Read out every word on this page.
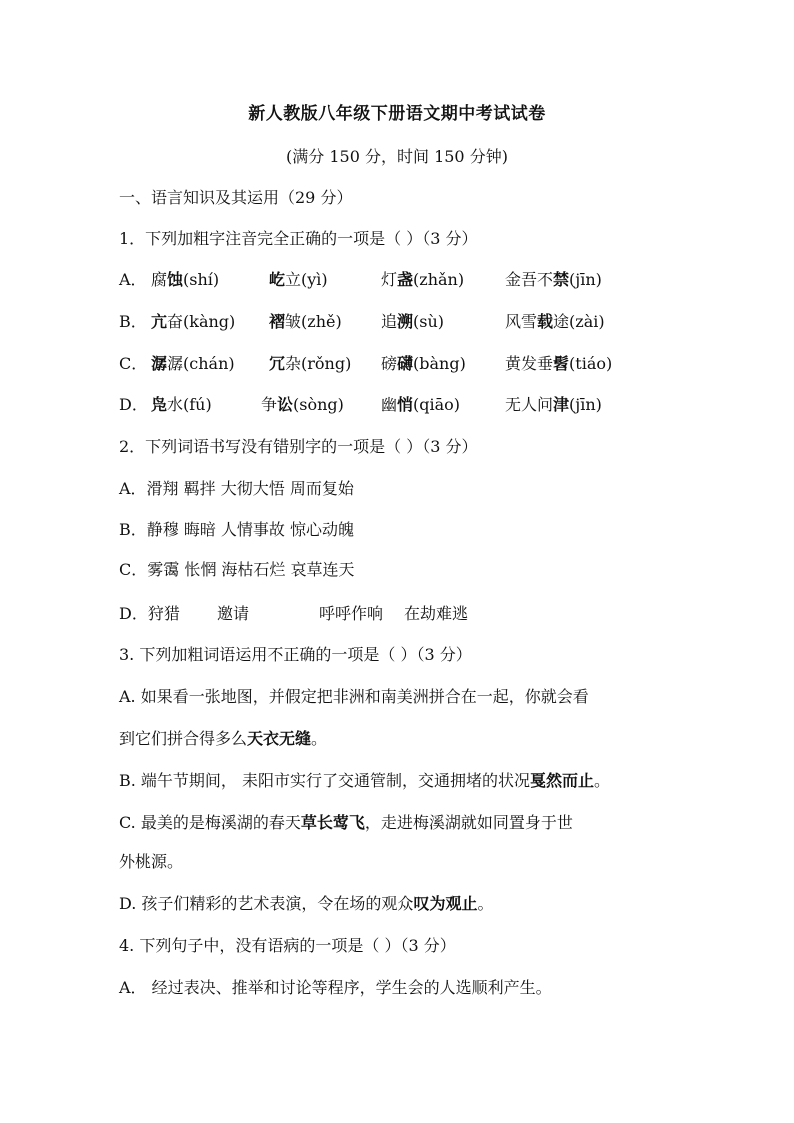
新人教版八年级下册语文期中考试试卷
(满分 150 分，时间 150 分钟)
一、语言知识及其运用（29 分）
1．下列加粗字注音完全正确的一项是（ ）（3 分）
A． 腐蚀(shí)	屹立(yì)	灯盏(zhǎn)	金吾不禁(jīn)
B． 亢奋(kàng) 褶皱(zhě) 追溯(sù)	风雪载途(zài)
C． 潺潺(chán) 冗杂(rǒng) 磅礴(bàng) 黄发垂髫(tiáo)
D． 凫水(fú)	争讼(sòng) 幽悄(qiāo)	无人问津(jīn)
2．下列词语书写没有错别字的一项是（ ）（3 分）
A．滑翔 羁拌 大彻大悟 周而复始
B．静穆 晦暗 人情事故 惊心动魄
C．雾霭 怅惘 海枯石烂 哀草连天
D．狩猎 邀请	呼呼作响 在劫难逃
3. 下列加粗词语运用不正确的一项是（ ）（3 分）
A. 如果看一张地图，并假定把非洲和南美洲拼合在一起，你就会看
到它们拼合得多么天衣无缝。
B. 端午节期间， 耒阳市实行了交通管制，交通拥堵的状况戛然而止。
C. 最美的是梅溪湖的春天草长莺飞，走进梅溪湖就如同置身于世
外桃源。
D. 孩子们精彩的艺术表演，令在场的观众叹为观止。
4. 下列句子中，没有语病的一项是（ ）（3 分）
A． 经过表决、推举和讨论等程序，学生会的人选顺利产生。
